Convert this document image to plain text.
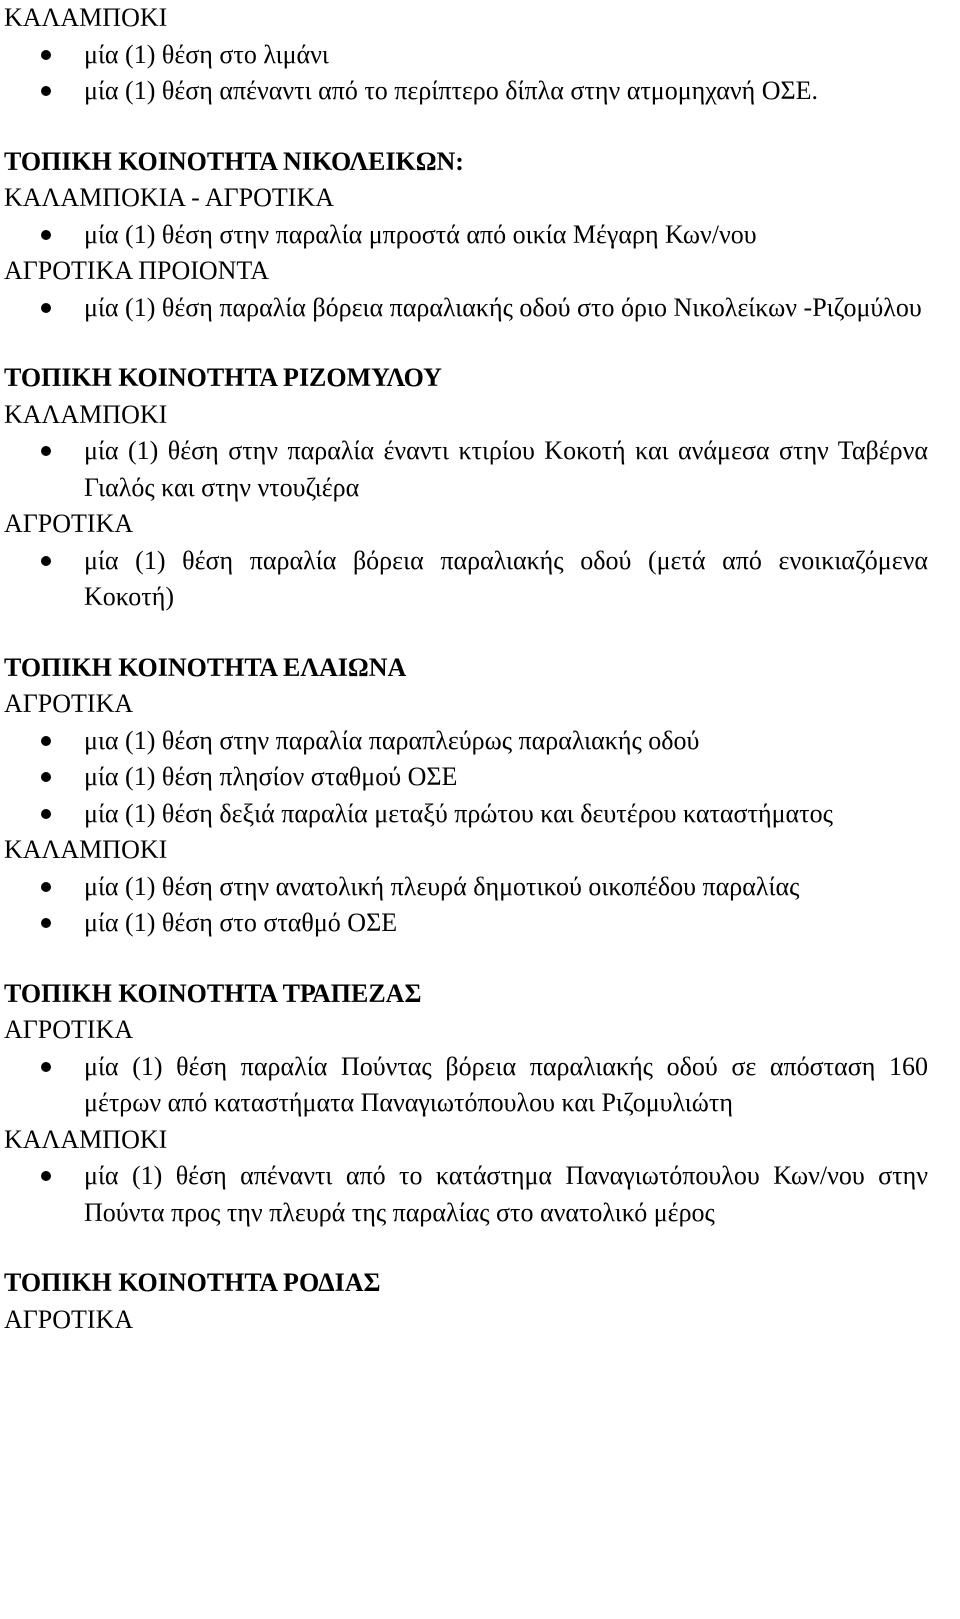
ΚΑΛΑΜΠΟΚΙ
μία (1) θέση στο λιμάνι
μία (1) θέση απέναντι από το περίπτερο δίπλα στην ατμομηχανή ΟΣΕ.
ΤΟΠΙΚΗ ΚΟΙΝΟΤΗΤΑ ΝΙΚΟΛΕΙΚΩΝ:
ΚΑΛΑΜΠΟΚΙΑ - ΑΓΡΟΤΙΚΑ
μία (1) θέση στην παραλία μπροστά από οικία Μέγαρη Κων/νου
ΑΓΡΟΤΙΚΑ ΠΡΟΙΟΝΤΑ
μία (1) θέση παραλία βόρεια παραλιακής οδού στο όριο Νικολείκων -Ριζομύλου
ΤΟΠΙΚΗ ΚΟΙΝΟΤΗΤΑ ΡΙΖΟΜΥΛΟΥ
ΚΑΛΑΜΠΟΚΙ
μία (1) θέση στην παραλία έναντι κτιρίου Κοκοτή και ανάμεσα στην Ταβέρνα Γιαλός και στην ντουζιέρα
ΑΓΡΟΤΙΚΑ
μία (1) θέση παραλία βόρεια παραλιακής οδού (μετά από ενοικιαζόμενα Κοκοτή)
ΤΟΠΙΚΗ ΚΟΙΝΟΤΗΤΑ ΕΛΑΙΩΝΑ
ΑΓΡΟΤΙΚΑ
μια (1) θέση στην παραλία παραπλεύρως παραλιακής οδού
μία (1) θέση πλησίον σταθμού ΟΣΕ
μία (1) θέση δεξιά παραλία μεταξύ πρώτου και δευτέρου καταστήματος
ΚΑΛΑΜΠΟΚΙ
μία (1) θέση στην ανατολική πλευρά δημοτικού οικοπέδου παραλίας
μία (1) θέση στο σταθμό ΟΣΕ
ΤΟΠΙΚΗ ΚΟΙΝΟΤΗΤΑ ΤΡΑΠΕΖΑΣ
ΑΓΡΟΤΙΚΑ
μία (1) θέση παραλία Πούντας βόρεια παραλιακής οδού σε απόσταση 160 μέτρων από καταστήματα Παναγιωτόπουλου και Ριζομυλιώτη
ΚΑΛΑΜΠΟΚΙ
μία (1) θέση απέναντι από το κατάστημα Παναγιωτόπουλου Κων/νου στην Πούντα προς την πλευρά της παραλίας στο ανατολικό μέρος
ΤΟΠΙΚΗ ΚΟΙΝΟΤΗΤΑ ΡΟΔΙΑΣ
ΑΓΡΟΤΙΚΑ
